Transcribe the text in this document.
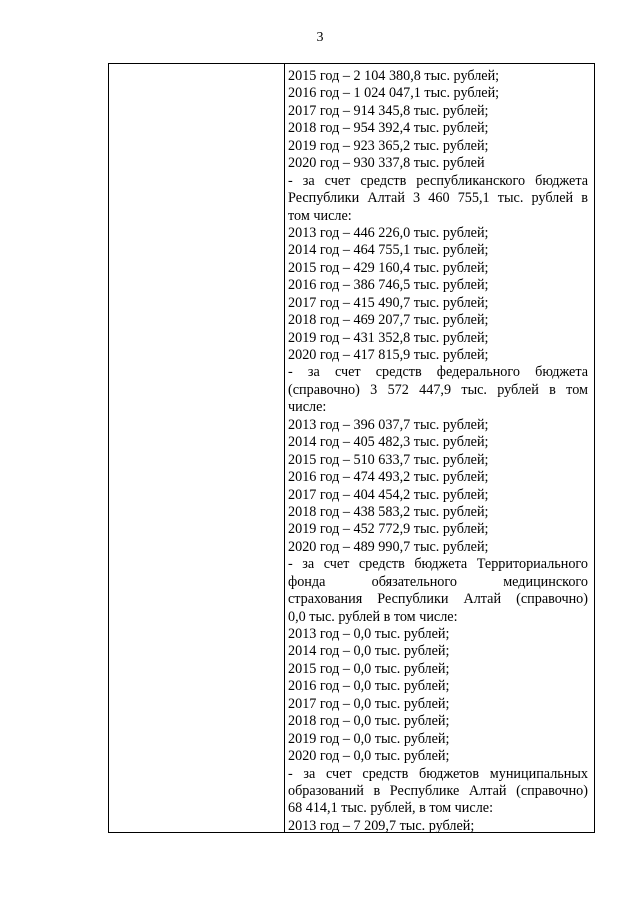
3
2015 год – 2 104 380,8 тыс. рублей;
2016 год – 1 024 047,1 тыс. рублей;
2017 год – 914 345,8 тыс. рублей;
2018 год – 954 392,4 тыс. рублей;
2019 год – 923 365,2 тыс. рублей;
2020 год – 930 337,8 тыс. рублей
- за счет средств республиканского бюджета
Республики Алтай 3 460 755,1 тыс. рублей в
том числе:
2013 год – 446 226,0 тыс. рублей;
2014 год – 464 755,1 тыс. рублей;
2015 год – 429 160,4 тыс. рублей;
2016 год – 386 746,5 тыс. рублей;
2017 год – 415 490,7 тыс. рублей;
2018 год – 469 207,7 тыс. рублей;
2019 год – 431 352,8 тыс. рублей;
2020 год – 417 815,9 тыс. рублей;
- за счет средств федерального бюджета
(справочно) 3 572 447,9 тыс. рублей в том
числе:
2013 год – 396 037,7 тыс. рублей;
2014 год – 405 482,3 тыс. рублей;
2015 год – 510 633,7 тыс. рублей;
2016 год – 474 493,2 тыс. рублей;
2017 год – 404 454,2 тыс. рублей;
2018 год – 438 583,2 тыс. рублей;
2019 год – 452 772,9 тыс. рублей;
2020 год – 489 990,7 тыс. рублей;
- за счет средств бюджета Территориального
фонда обязательного медицинского
страхования Республики Алтай (справочно)
0,0 тыс. рублей в том числе:
2013 год – 0,0 тыс. рублей;
2014 год – 0,0 тыс. рублей;
2015 год – 0,0 тыс. рублей;
2016 год – 0,0 тыс. рублей;
2017 год – 0,0 тыс. рублей;
2018 год – 0,0 тыс. рублей;
2019 год – 0,0 тыс. рублей;
2020 год – 0,0 тыс. рублей;
- за счет средств бюджетов муниципальных
образований в Республике Алтай (справочно)
68 414,1 тыс. рублей, в том числе:
2013 год – 7 209,7 тыс. рублей;
